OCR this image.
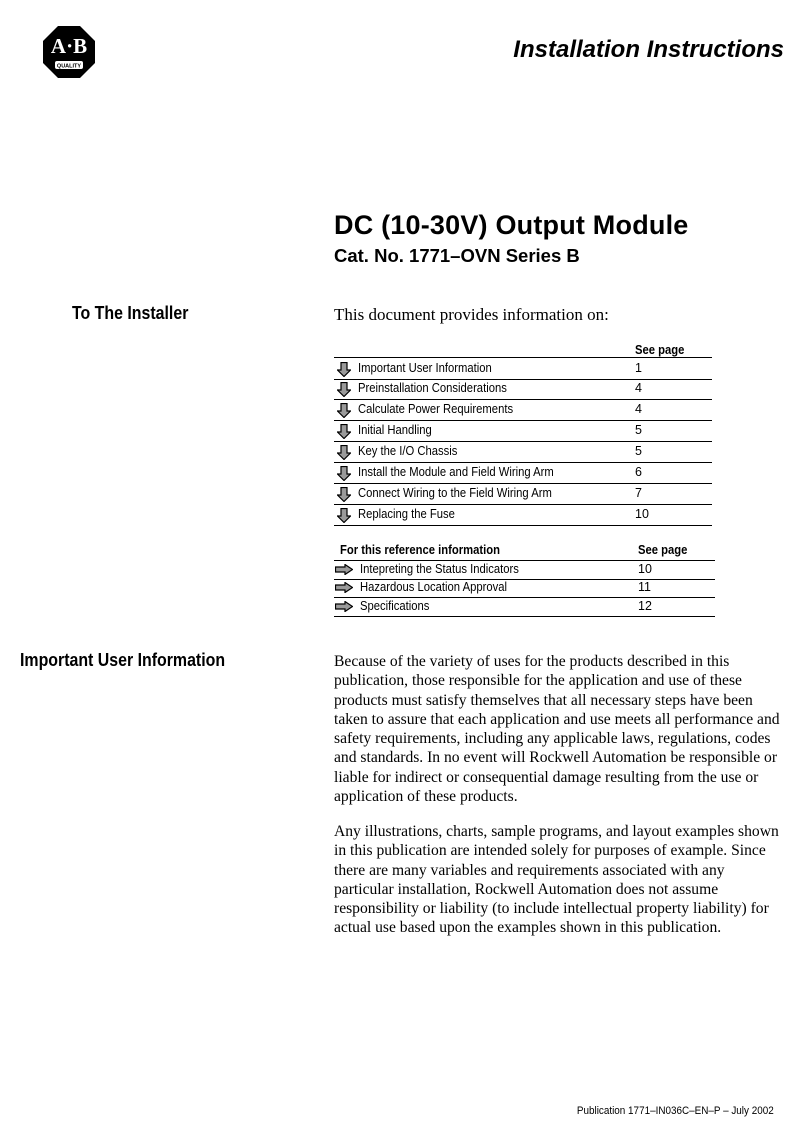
A·B
QUALITY
Installation Instructions
DC (10-30V) Output Module
Cat. No. 1771–OVN Series B
To The Installer	This document provides information on:
See page
Important User Information	1
Preinstallation Considerations	4
Calculate Power Requirements	4
Initial Handling	5
Key the I/O Chassis	5
Install the Module and Field Wiring Arm	6
Connect Wiring to the Field Wiring Arm	7
Replacing the Fuse	10
For this reference information	See page
Intepreting the Status Indicators	10
Hazardous Location Approval	11
Specifications	12
Important User Information	Because of the variety of uses for the products described in this publication, those responsible for the application and use of these products must satisfy themselves that all necessary steps have been taken to assure that each application and use meets all performance and safety requirements, including any applicable laws, regulations, codes and standards. In no event will Rockwell Automation be responsible or liable for indirect or consequential damage resulting from the use or application of these products.
Any illustrations, charts, sample programs, and layout examples shown in this publication are intended solely for purposes of example. Since there are many variables and requirements associated with any particular installation, Rockwell Automation does not assume responsibility or liability (to include intellectual property liability) for actual use based upon the examples shown in this publication.
Publication 1771–IN036C–EN–P – July 2002
